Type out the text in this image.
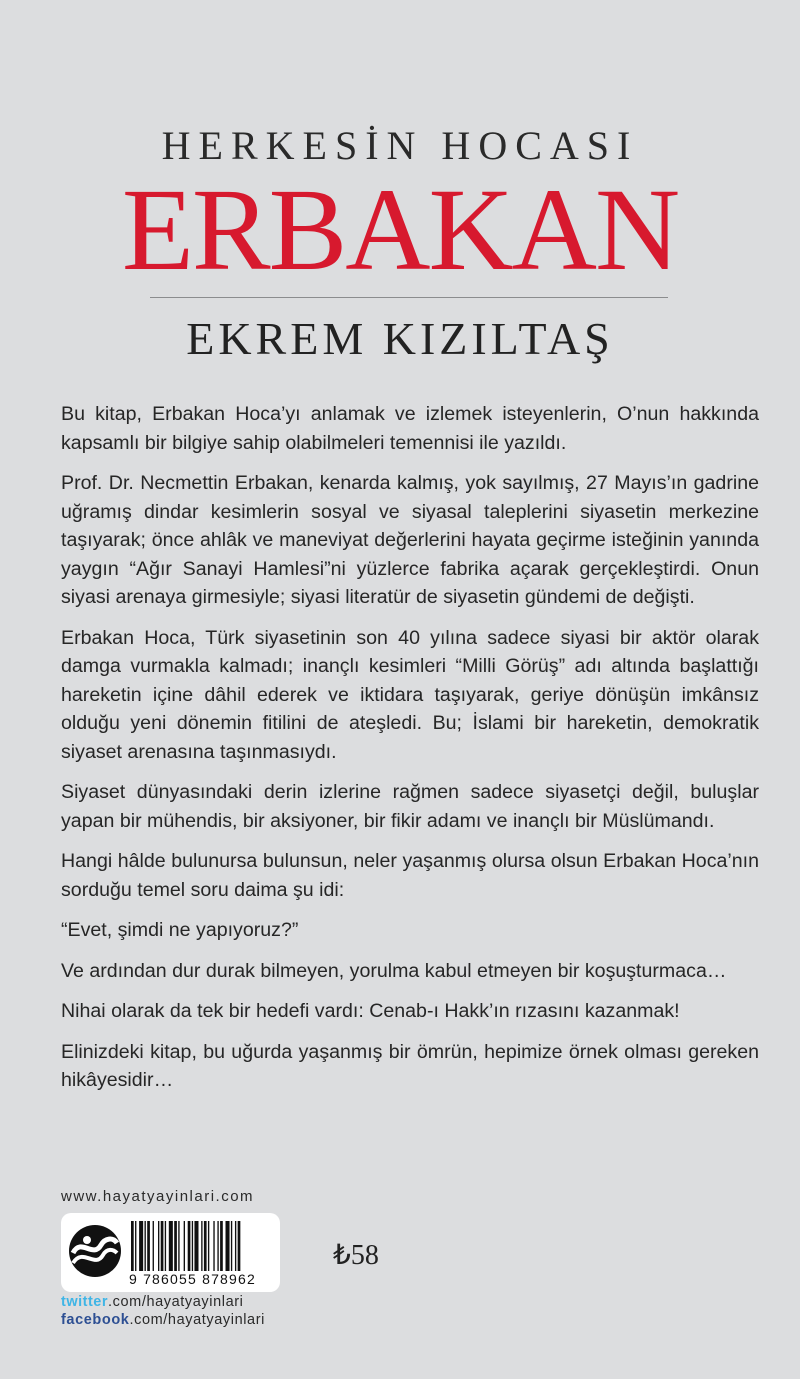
HERKESİN HOCASI
ERBAKAN
EKREM KIZILTAŞ

Bu kitap, Erbakan Hoca’yı anlamak ve izlemek isteyenlerin, O’nun hakkında kapsamlı bir bilgiye sahip olabilmeleri temennisi ile yazıldı.

Prof. Dr. Necmettin Erbakan, kenarda kalmış, yok sayılmış, 27 Mayıs’ın gadrine uğramış dindar kesimlerin sosyal ve siyasal taleplerini siyasetin merkezine taşıyarak; önce ahlâk ve maneviyat değerlerini hayata geçirme isteğinin yanında yaygın “Ağır Sanayi Hamlesi”ni yüzlerce fabrika açarak gerçekleştirdi. Onun siyasi arenaya girmesiyle; siyasi literatür de siyasetin gündemi de değişti.

Erbakan Hoca, Türk siyasetinin son 40 yılına sadece siyasi bir aktör olarak damga vurmakla kalmadı; inançlı kesimleri “Milli Görüş” adı altında başlattığı hareketin içine dâhil ederek ve iktidara taşıyarak, geriye dönüşün imkânsız olduğu yeni dönemin fitilini de ateşledi. Bu; İslami bir hareketin, demokratik siyaset arenasına taşınmasıydı.

Siyaset dünyasındaki derin izlerine rağmen sadece siyasetçi değil, buluşlar yapan bir mühendis, bir aksiyoner, bir fikir adamı ve inançlı bir Müslümandı.

Hangi hâlde bulunursa bulunsun, neler yaşanmış olursa olsun Erbakan Hoca’nın sorduğu temel soru daima şu idi:

“Evet, şimdi ne yapıyoruz?”

Ve ardından dur durak bilmeyen, yorulma kabul etmeyen bir koşuşturmaca…

Nihai olarak da tek bir hedefi vardı: Cenab-ı Hakk’ın rızasını kazanmak!

Elinizdeki kitap, bu uğurda yaşanmış bir ömrün, hepimize örnek olması gereken hikâyesidir…

www.hayatyayinlari.com
9 786055 878962
₺58
twitter.com/hayatyayinlari
facebook.com/hayatyayinlari
